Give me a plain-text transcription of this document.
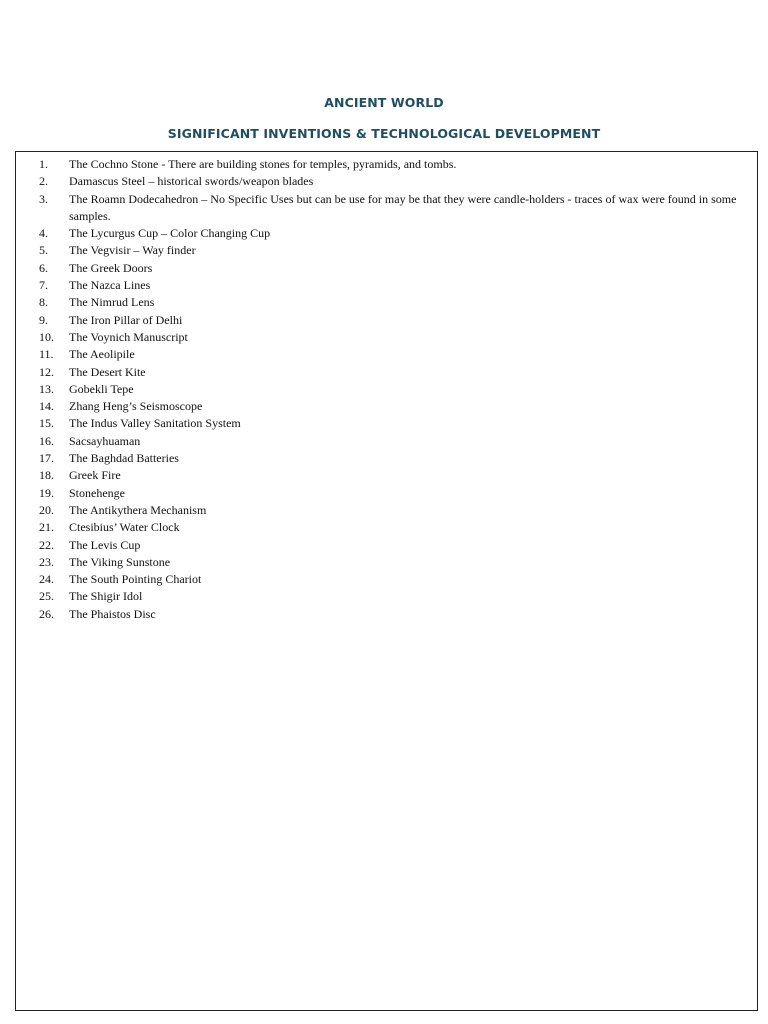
ANCIENT WORLD
SIGNIFICANT INVENTIONS & TECHNOLOGICAL DEVELOPMENT
1.	The Cochno Stone - There are building stones for temples, pyramids, and tombs.
2.	Damascus Steel – historical swords/weapon blades
3.	The Roamn Dodecahedron – No Specific Uses but can be use for may be that they were candle-holders - traces of wax were found in some samples.
4.	The Lycurgus Cup – Color Changing Cup
5.	The Vegvisir – Way finder
6.	The Greek Doors
7.	The Nazca Lines
8.	The Nimrud Lens
9.	The Iron Pillar of Delhi
10.	The Voynich Manuscript
11.	The Aeolipile
12.	The Desert Kite
13.	Gobekli Tepe
14.	Zhang Heng’s Seismoscope
15.	The Indus Valley Sanitation System
16.	Sacsayhuaman
17.	The Baghdad Batteries
18.	Greek Fire
19.	Stonehenge
20.	The Antikythera Mechanism
21.	Ctesibius’ Water Clock
22.	The Levis Cup
23.	The Viking Sunstone
24.	The South Pointing Chariot
25.	The Shigir Idol
26.	The Phaistos Disc
